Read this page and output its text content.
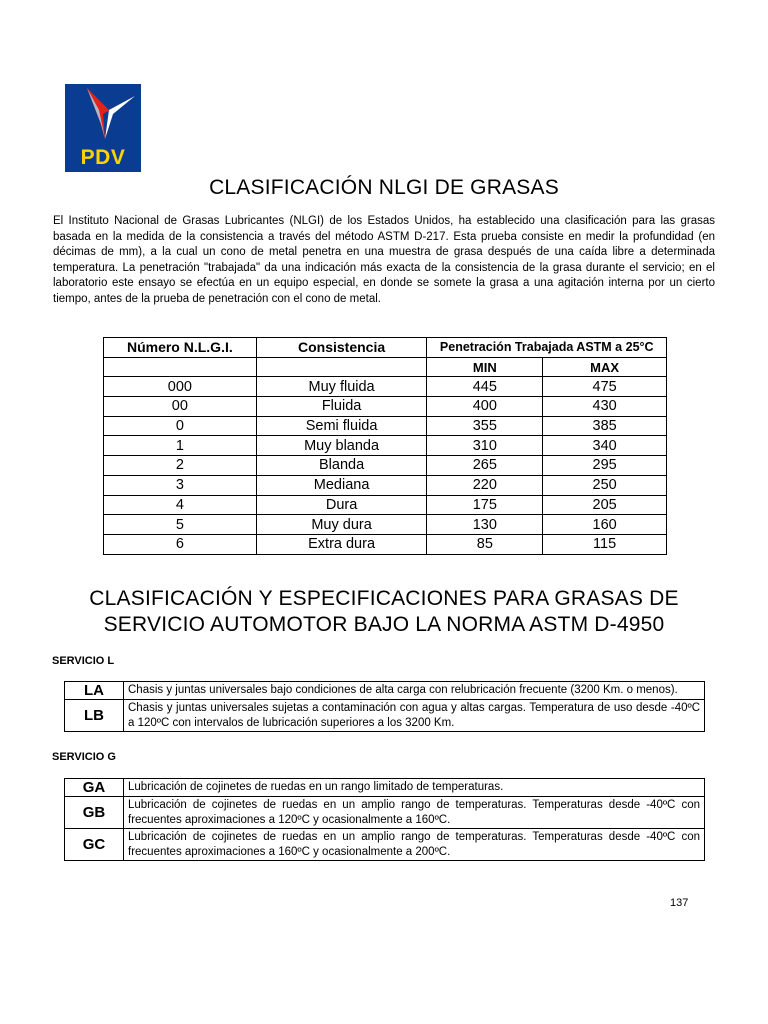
PDV
CLASIFICACIÓN NLGI DE GRASAS
El Instituto Nacional de Grasas Lubricantes (NLGI) de los Estados Unidos, ha establecido una clasificación para las grasas basada en la medida de la consistencia a través del método ASTM D-217. Esta prueba consiste en medir la profundidad (en décimas de mm), a la cual un cono de metal penetra en una muestra de grasa después de una caída libre a determinada temperatura. La penetración "trabajada" da una indicación más exacta de la consistencia de la grasa durante el servicio; en el laboratorio este ensayo se efectúa en un equipo especial, en donde se somete la grasa a una agitación interna por un cierto tiempo, antes de la prueba de penetración con el cono de metal.
Número N.L.G.I.	Consistencia	Penetración Trabajada ASTM a 25°C	
		MIN	MAX
000	Muy fluida	445	475
00	Fluida	400	430
0	Semi fluida	355	385
1	Muy blanda	310	340
2	Blanda	265	295
3	Mediana	220	250
4	Dura	175	205
5	Muy dura	130	160
6	Extra dura	85	115
CLASIFICACIÓN Y ESPECIFICACIONES PARA GRASAS DE
SERVICIO AUTOMOTOR BAJO LA NORMA ASTM D-4950
SERVICIO L
LA	Chasis y juntas universales bajo condiciones de alta carga con relubricación frecuente (3200 Km. o menos).
LB	Chasis y juntas universales sujetas a contaminación con agua y altas cargas. Temperatura de uso desde -40ºC a 120ºC con intervalos de lubricación superiores a los 3200 Km.
SERVICIO G
GA	Lubricación de cojinetes de ruedas en un rango limitado de temperaturas.
GB	Lubricación de cojinetes de ruedas en un amplio rango de temperaturas. Temperaturas desde -40ºC con frecuentes aproximaciones a 120ºC y ocasionalmente a 160ºC.
GC	Lubricación de cojinetes de ruedas en un amplio rango de temperaturas. Temperaturas desde -40ºC con frecuentes aproximaciones a 160ºC y ocasionalmente a 200ºC.
137
